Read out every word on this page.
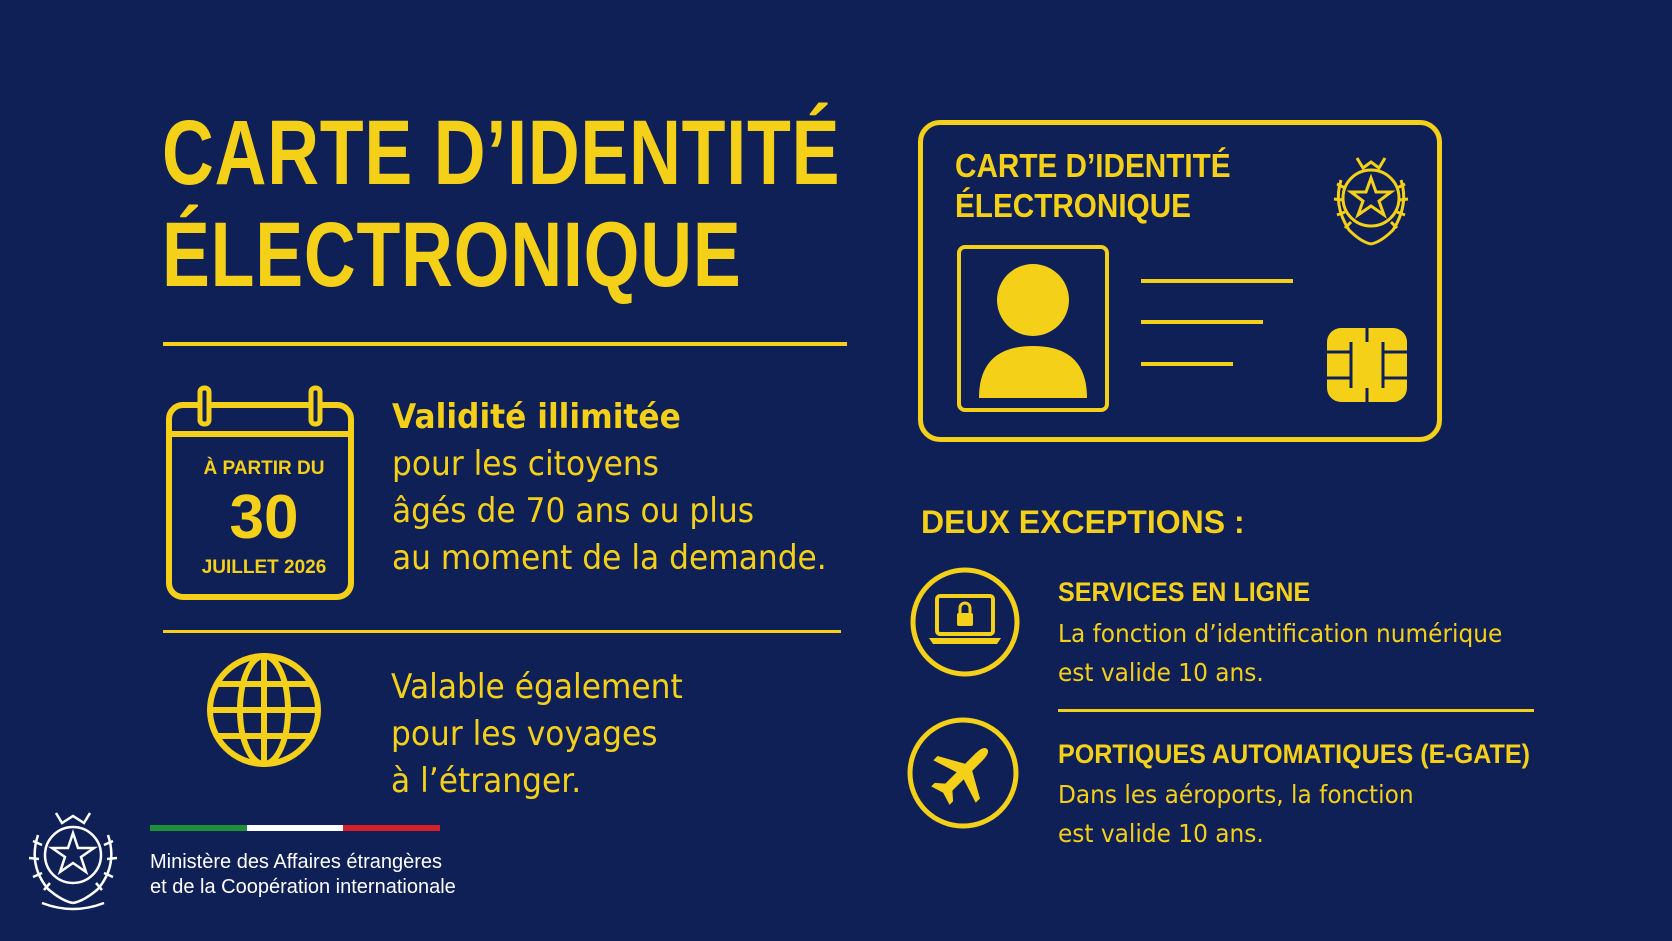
CARTE D’IDENTITÉ
ÉLECTRONIQUE
À PARTIR DU
30
JUILLET 2026
Validité illimitée
pour les citoyens
âgés de 70 ans ou plus
au moment de la demande.
Valable également
pour les voyages
à l’étranger.
CARTE D’IDENTITÉ
ÉLECTRONIQUE
DEUX EXCEPTIONS :
SERVICES EN LIGNE
La fonction d’identification numérique
est valide 10 ans.
PORTIQUES AUTOMATIQUES (E-GATE)
Dans les aéroports, la fonction
est valide 10 ans.
Ministère des Affaires étrangères
et de la Coopération internationale
